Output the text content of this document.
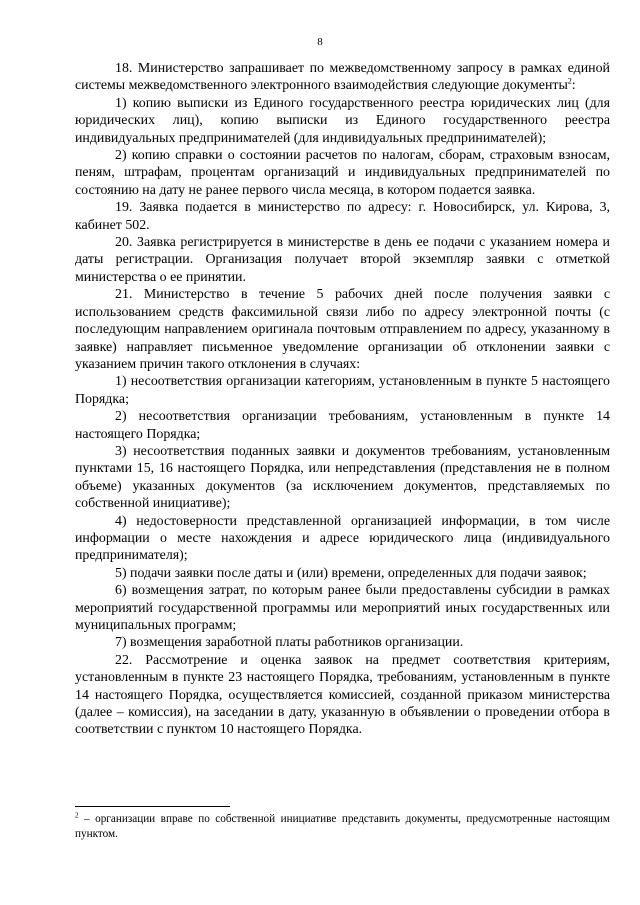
8

18. Министерство запрашивает по межведомственному запросу в рамках единой системы межведомственного электронного взаимодействия следующие документы$^2$:

1) копию выписки из Единого государственного реестра юридических лиц (для юридических лиц), копию выписки из Единого государственного реестра индивидуальных предпринимателей (для индивидуальных предпринимателей);

2) копию справки о состоянии расчетов по налогам, сборам, страховым взносам, пеням, штрафам, процентам организаций и индивидуальных предпринимателей по состоянию на дату не ранее первого числа месяца, в котором подается заявка.

19. Заявка подается в министерство по адресу: г. Новосибирск, ул. Кирова, 3, кабинет 502.

20. Заявка регистрируется в министерстве в день ее подачи с указанием номера и даты регистрации. Организация получает второй экземпляр заявки с отметкой министерства о ее принятии.

21. Министерство в течение 5 рабочих дней после получения заявки с использованием средств факсимильной связи либо по адресу электронной почты (с последующим направлением оригинала почтовым отправлением по адресу, указанному в заявке) направляет письменное уведомление организации об отклонении заявки с указанием причин такого отклонения в случаях:

1) несоответствия организации категориям, установленным в пункте 5 настоящего Порядка;

2) несоответствия организации требованиям, установленным в пункте 14 настоящего Порядка;

3) несоответствия поданных заявки и документов требованиям, установленным пунктами 15, 16 настоящего Порядка, или непредставления (представления не в полном объеме) указанных документов (за исключением документов, представляемых по собственной инициативе);

4) недостоверности представленной организацией информации, в том числе информации о месте нахождения и адресе юридического лица (индивидуального предпринимателя);

5) подачи заявки после даты и (или) времени, определенных для подачи заявок;

6) возмещения затрат, по которым ранее были предоставлены субсидии в рамках мероприятий государственной программы или мероприятий иных государственных или муниципальных программ;

7) возмещения заработной платы работников организации.

22. Рассмотрение и оценка заявок на предмет соответствия критериям, установленным в пункте 23 настоящего Порядка, требованиям, установленным в пункте 14 настоящего Порядка, осуществляется комиссией, созданной приказом министерства (далее – комиссия), на заседании в дату, указанную в объявлении о проведении отбора в соответствии с пунктом 10 настоящего Порядка.

$^2$ – организации вправе по собственной инициативе представить документы, предусмотренные настоящим пунктом.
